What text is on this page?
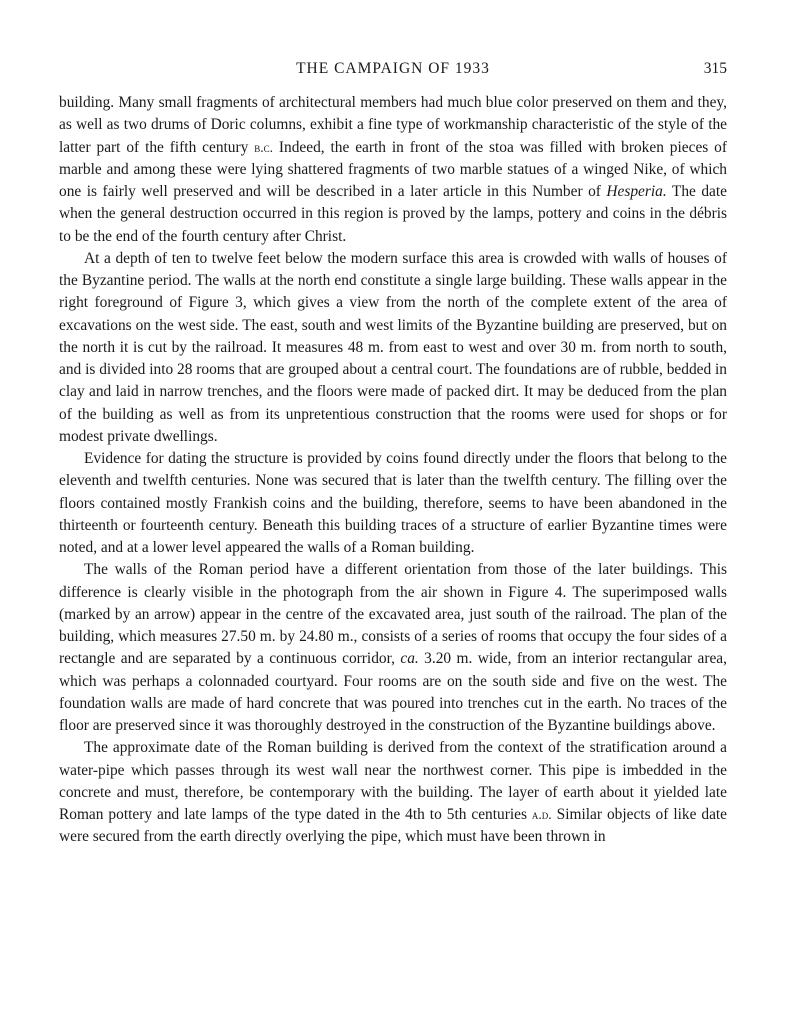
THE CAMPAIGN OF 1933	315

building. Many small fragments of architectural members had much blue color preserved on them and they, as well as two drums of Doric columns, exhibit a fine type of workmanship characteristic of the style of the latter part of the fifth century b.c. Indeed, the earth in front of the stoa was filled with broken pieces of marble and among these were lying shattered fragments of two marble statues of a winged Nike, of which one is fairly well preserved and will be described in a later article in this Number of Hesperia. The date when the general destruction occurred in this region is proved by the lamps, pottery and coins in the débris to be the end of the fourth century after Christ.

At a depth of ten to twelve feet below the modern surface this area is crowded with walls of houses of the Byzantine period. The walls at the north end constitute a single large building. These walls appear in the right foreground of Figure 3, which gives a view from the north of the complete extent of the area of excavations on the west side. The east, south and west limits of the Byzantine building are preserved, but on the north it is cut by the railroad. It measures 48 m. from east to west and over 30 m. from north to south, and is divided into 28 rooms that are grouped about a central court. The foundations are of rubble, bedded in clay and laid in narrow trenches, and the floors were made of packed dirt. It may be deduced from the plan of the building as well as from its unpretentious construction that the rooms were used for shops or for modest private dwellings.

Evidence for dating the structure is provided by coins found directly under the floors that belong to the eleventh and twelfth centuries. None was secured that is later than the twelfth century. The filling over the floors contained mostly Frankish coins and the building, therefore, seems to have been abandoned in the thirteenth or fourteenth century. Beneath this building traces of a structure of earlier Byzantine times were noted, and at a lower level appeared the walls of a Roman building.

The walls of the Roman period have a different orientation from those of the later buildings. This difference is clearly visible in the photograph from the air shown in Figure 4. The superimposed walls (marked by an arrow) appear in the centre of the excavated area, just south of the railroad. The plan of the building, which measures 27.50 m. by 24.80 m., consists of a series of rooms that occupy the four sides of a rectangle and are separated by a continuous corridor, ca. 3.20 m. wide, from an interior rectangular area, which was perhaps a colonnaded courtyard. Four rooms are on the south side and five on the west. The foundation walls are made of hard concrete that was poured into trenches cut in the earth. No traces of the floor are preserved since it was thoroughly destroyed in the construction of the Byzantine buildings above.

The approximate date of the Roman building is derived from the context of the stratification around a water-pipe which passes through its west wall near the northwest corner. This pipe is imbedded in the concrete and must, therefore, be contemporary with the building. The layer of earth about it yielded late Roman pottery and late lamps of the type dated in the 4th to 5th centuries a.d. Similar objects of like date were secured from the earth directly overlying the pipe, which must have been thrown in
